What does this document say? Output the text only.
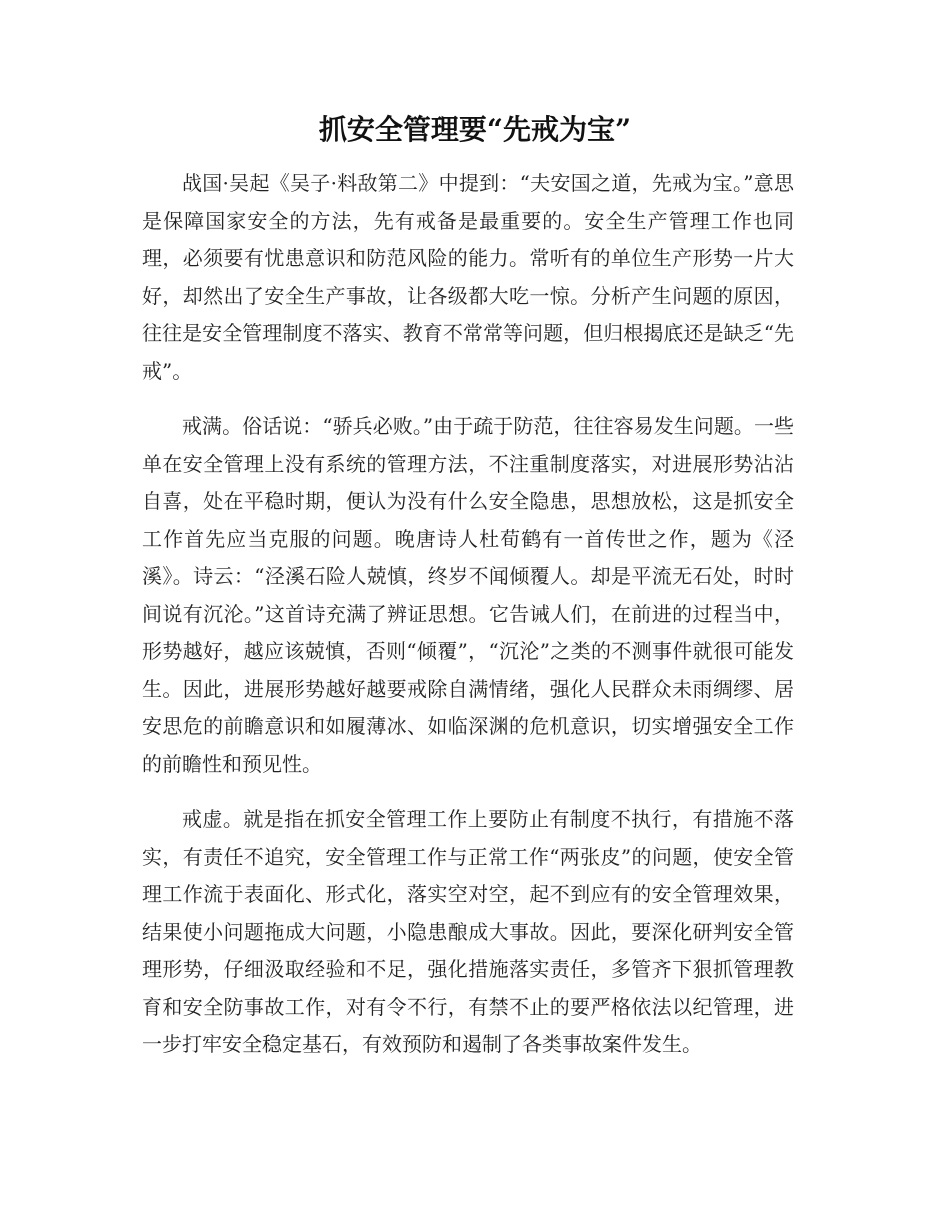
抓安全管理要“先戒为宝”

战国·吴起《吴子·料敌第二》中提到：“夫安国之道，先戒为宝。”意思是保障国家安全的方法，先有戒备是最重要的。安全生产管理工作也同理，必须要有忧患意识和防范风险的能力。常听有的单位生产形势一片大好，却然出了安全生产事故，让各级都大吃一惊。分析产生问题的原因，往往是安全管理制度不落实、教育不常常等问题，但归根揭底还是缺乏“先戒”。

戒满。俗话说：“骄兵必败。”由于疏于防范，往往容易发生问题。一些单在安全管理上没有系统的管理方法，不注重制度落实，对进展形势沾沾自喜，处在平稳时期，便认为没有什么安全隐患，思想放松，这是抓安全工作首先应当克服的问题。晚唐诗人杜荀鹤有一首传世之作，题为《泾溪》。诗云：“泾溪石险人兢慎，终岁不闻倾覆人。却是平流无石处，时时间说有沉沦。”这首诗充满了辨证思想。它告诫人们，在前进的过程当中，形势越好，越应该兢慎，否则“倾覆”，“沉沦”之类的不测事件就很可能发生。因此，进展形势越好越要戒除自满情绪，强化人民群众未雨绸缪、居安思危的前瞻意识和如履薄冰、如临深渊的危机意识，切实增强安全工作的前瞻性和预见性。

戒虚。就是指在抓安全管理工作上要防止有制度不执行，有措施不落实，有责任不追究，安全管理工作与正常工作“两张皮”的问题，使安全管理工作流于表面化、形式化，落实空对空，起不到应有的安全管理效果，结果使小问题拖成大问题，小隐患酿成大事故。因此，要深化研判安全管理形势，仔细汲取经验和不足，强化措施落实责任，多管齐下狠抓管理教育和安全防事故工作，对有令不行，有禁不止的要严格依法以纪管理，进一步打牢安全稳定基石，有效预防和遏制了各类事故案件发生。
